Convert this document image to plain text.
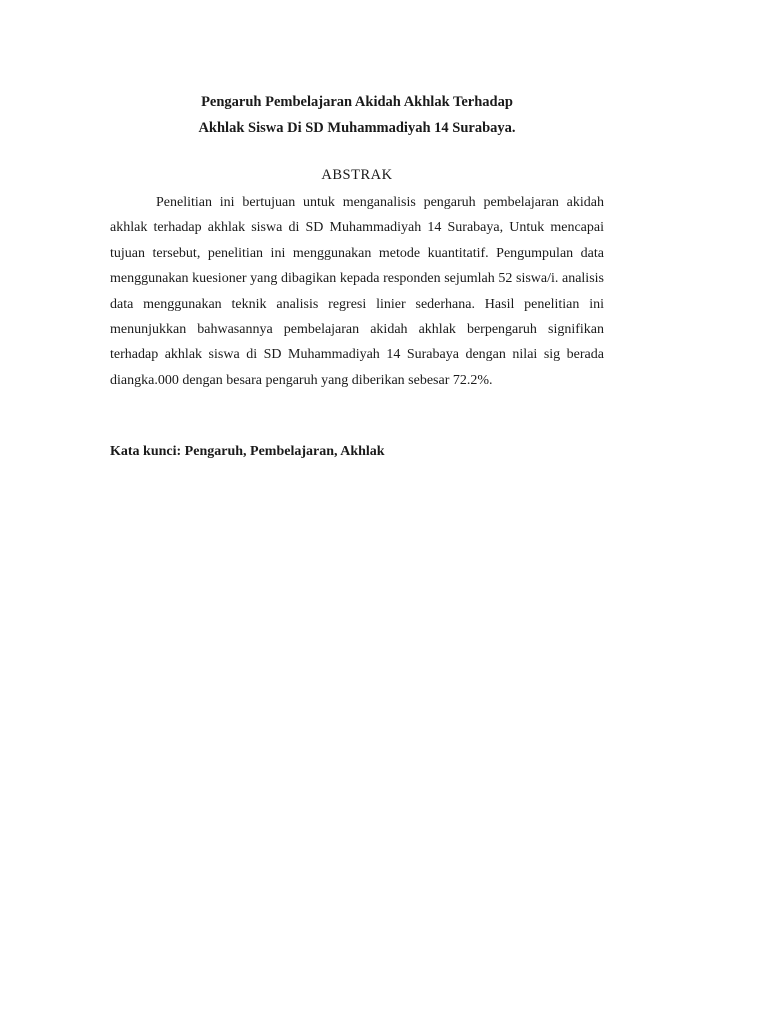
Pengaruh Pembelajaran Akidah Akhlak Terhadap

Akhlak Siswa Di SD Muhammadiyah 14 Surabaya.

ABSTRAK

Penelitian ini bertujuan untuk menganalisis pengaruh pembelajaran akidah akhlak terhadap akhlak siswa di SD Muhammadiyah 14 Surabaya, Untuk mencapai tujuan tersebut, penelitian ini menggunakan metode kuantitatif. Pengumpulan data menggunakan kuesioner yang dibagikan kepada responden sejumlah 52 siswa/i. analisis data menggunakan teknik analisis regresi linier sederhana. Hasil penelitian ini menunjukkan bahwasannya pembelajaran akidah akhlak berpengaruh signifikan terhadap akhlak siswa di SD Muhammadiyah 14 Surabaya dengan nilai sig berada diangka.000 dengan besara pengaruh yang diberikan sebesar 72.2%.

Kata kunci: Pengaruh, Pembelajaran, Akhlak
